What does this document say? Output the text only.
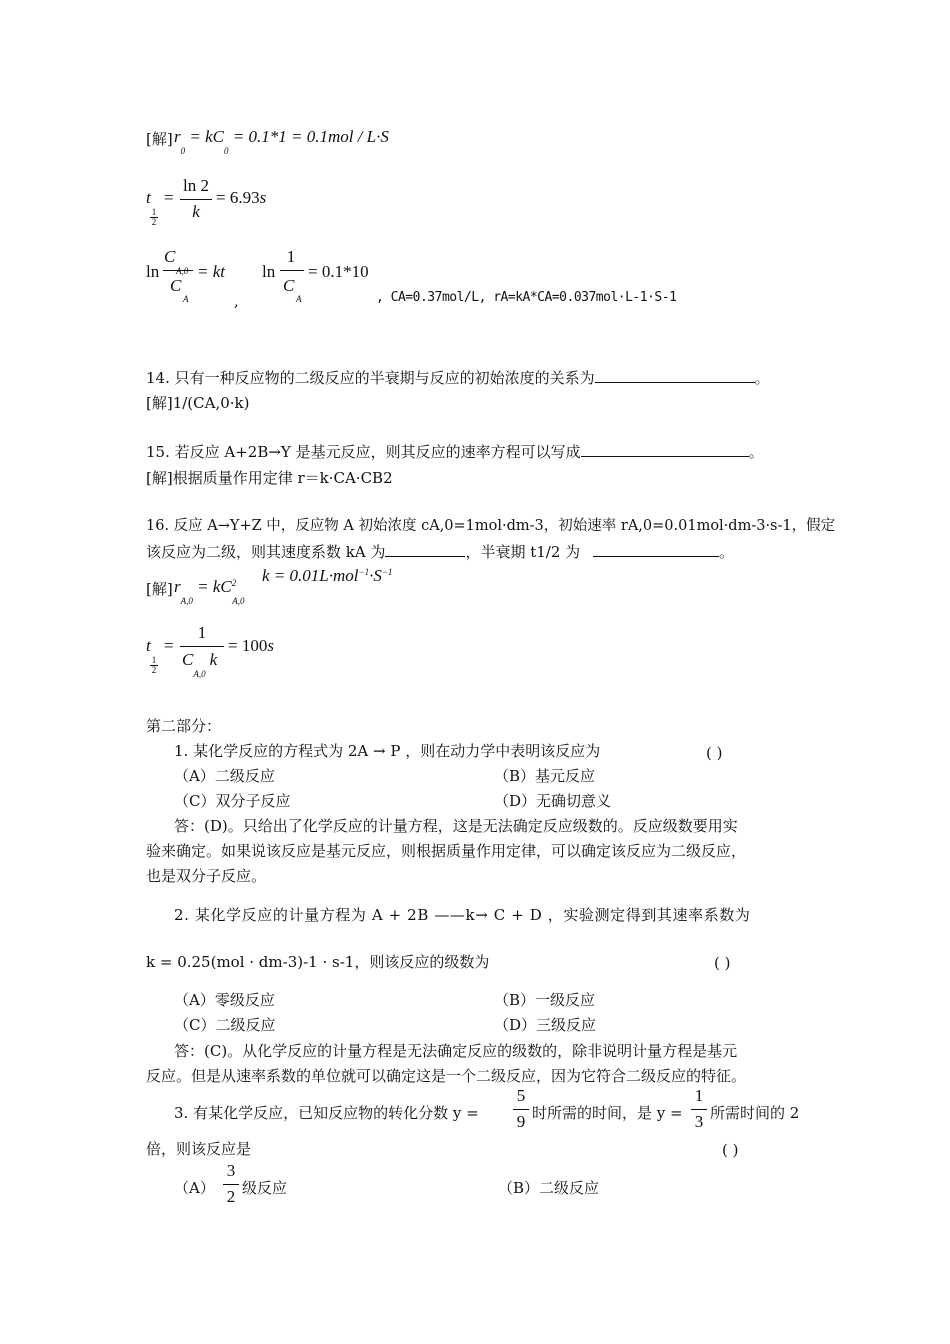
[解] $r_0 = kC_0 = 0.1*1 = 0.1mol / L\cdot S$
t
1

2
=
ln 2
k
= 6.93s
ln
C
C
A
= kt
,
ln
1
C
A
= 0.1*10
, CA=0.37mol/L, rA=kA*CA=0.037mol·L-1·S-1
14. 只有一种反应物的二级反应的半衰期与反应的初始浓度的关系为	。
[解]1/(CA,0·k)
15. 若反应 A+2B→Y 是基元反应，则其反应的速率方程可以写成	。
[解]根据质量作用定律 r＝k·CA·CB2
16. 反应 A→Y+Z 中，反应物 A 初始浓度 cA,0=1mol·dm-3，初始速率 rA,0=0.01mol·dm-3·s-1，假定
该反应为二级，则其速度系数 kA 为	，半衰期 t1/2 为	。
[解] $r_{A,0} = kC^2_{A,0}$
$k = 0.01L\cdot mol^{-1}\cdot S^{-1}$
t
1

2
=
1
$C_{A,0}k$
= 100s
第二部分：
1. 某化学反应的方程式为 2A → P ，则在动力学中表明该反应为	( )
（A）二级反应	（B）基元反应
（C）双分子反应	（D）无确切意义
答：(D)。只给出了化学反应的计量方程，这是无法确定反应级数的。反应级数要用实
验来确定。如果说该反应是基元反应，则根据质量作用定律，可以确定该反应为二级反应，
也是双分子反应。
2. 某化学反应的计量方程为 A + 2B ——k→ C + D ，实验测定得到其速率系数为
k = 0.25(mol · dm-3)-1 · s-1，则该反应的级数为	( )
（A）零级反应	（B）一级反应
（C）二级反应	（D）三级反应
答：(C)。从化学反应的计量方程是无法确定反应的级数的，除非说明计量方程是基元
反应。但是从速率系数的单位就可以确定这是一个二级反应，因为它符合二级反应的特征。
3. 有某化学反应，已知反应物的转化分数 y =
5
9 时所需的时间，是 y =
1
3 所需时间的 2
倍，则该反应是	( )
（A）
3
2 级反应	（B）二级反应
